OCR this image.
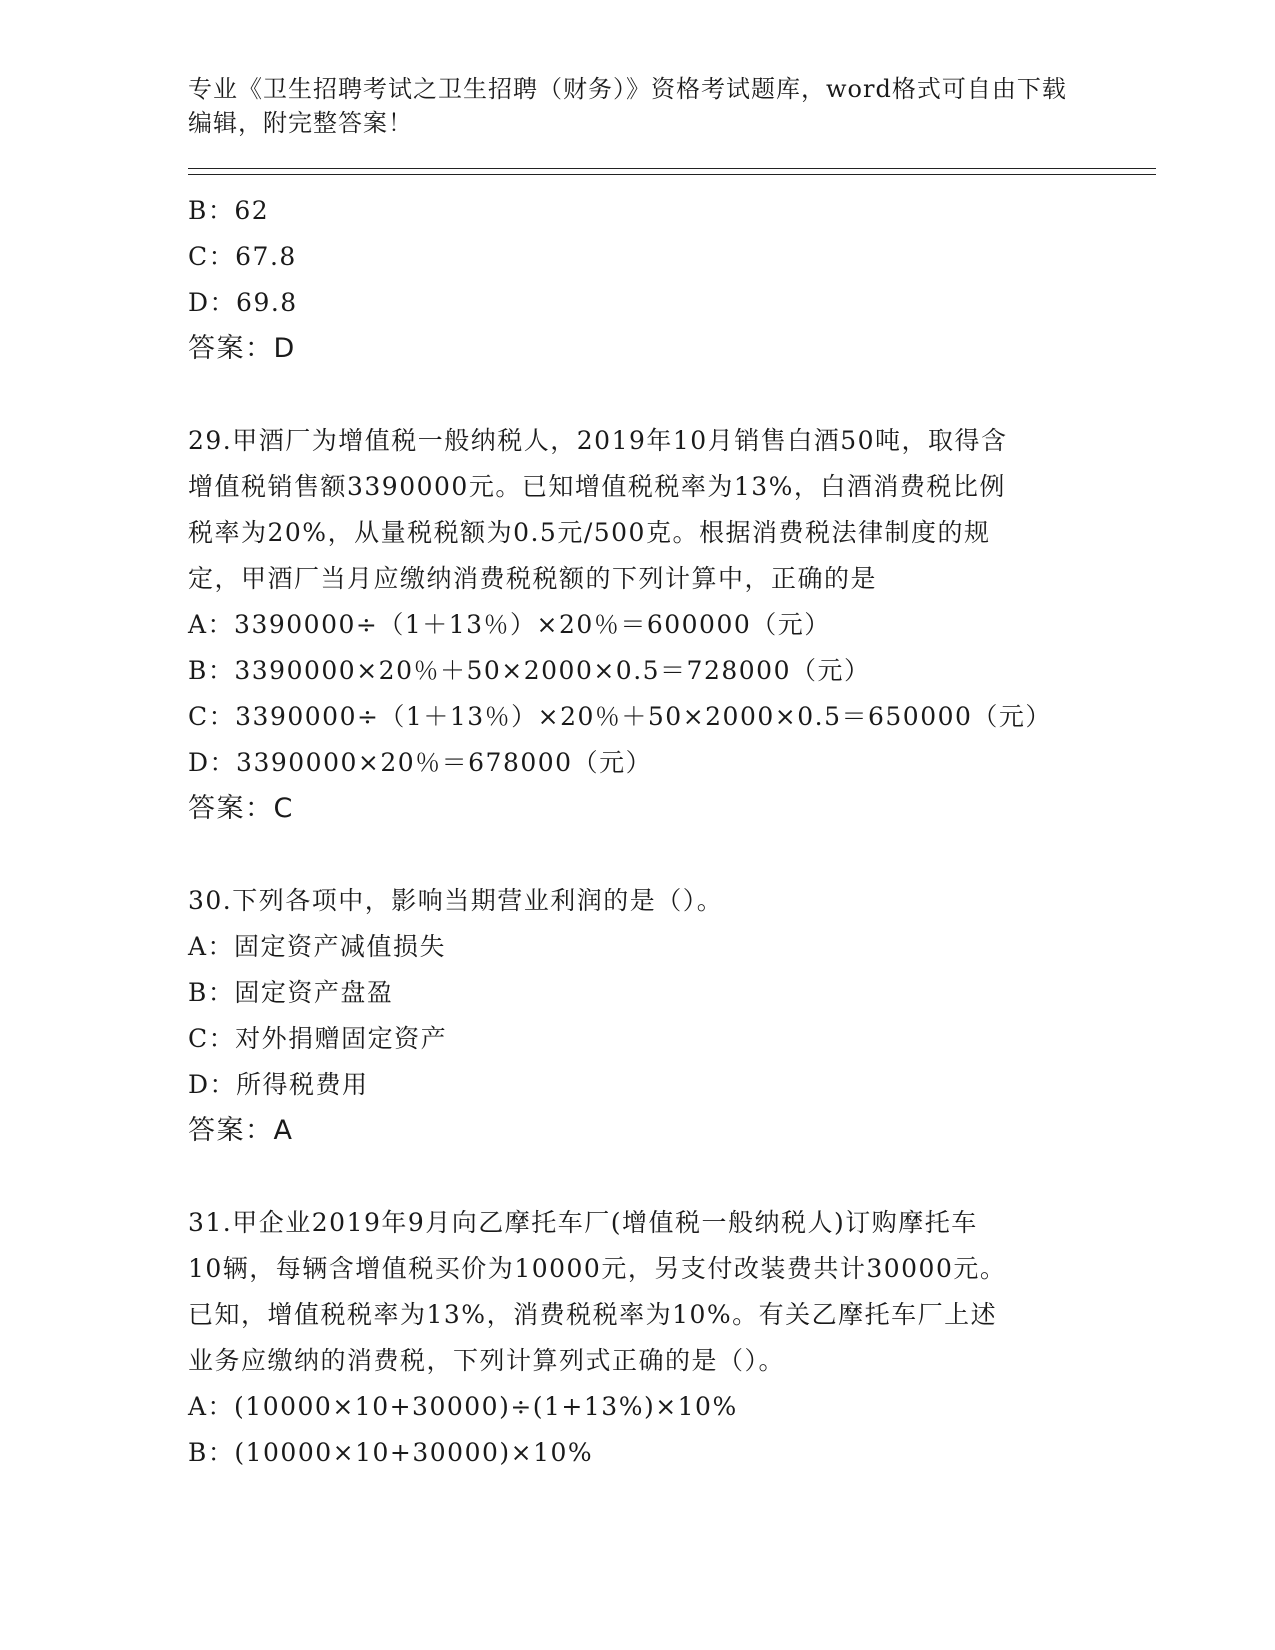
专业《卫生招聘考试之卫生招聘（财务）》资格考试题库，word格式可自由下载
编辑，附完整答案！
B：62
C：67.8
D：69.8
答案：D
29.甲酒厂为增值税一般纳税人，2019年10月销售白酒50吨，取得含
增值税销售额3390000元。已知增值税税率为13%，白酒消费税比例
税率为20%，从量税税额为0.5元/500克。根据消费税法律制度的规
定，甲酒厂当月应缴纳消费税税额的下列计算中，正确的是
A：3390000÷（1＋13％）×20％＝600000（元）
B：3390000×20％＋50×2000×0.5＝728000（元）
C：3390000÷（1＋13％）×20％＋50×2000×0.5＝650000（元）
D：3390000×20％＝678000（元）
答案：C
30.下列各项中，影响当期营业利润的是（）。
A：固定资产减值损失
B：固定资产盘盈
C：对外捐赠固定资产
D：所得税费用
答案：A
31.甲企业2019年9月向乙摩托车厂(增值税一般纳税人)订购摩托车
10辆，每辆含增值税买价为10000元，另支付改装费共计30000元。
已知，增值税税率为13%，消费税税率为10%。有关乙摩托车厂上述
业务应缴纳的消费税，下列计算列式正确的是（）。
A：(10000×10+30000)÷(1+13%)×10%
B：(10000×10+30000)×10%
